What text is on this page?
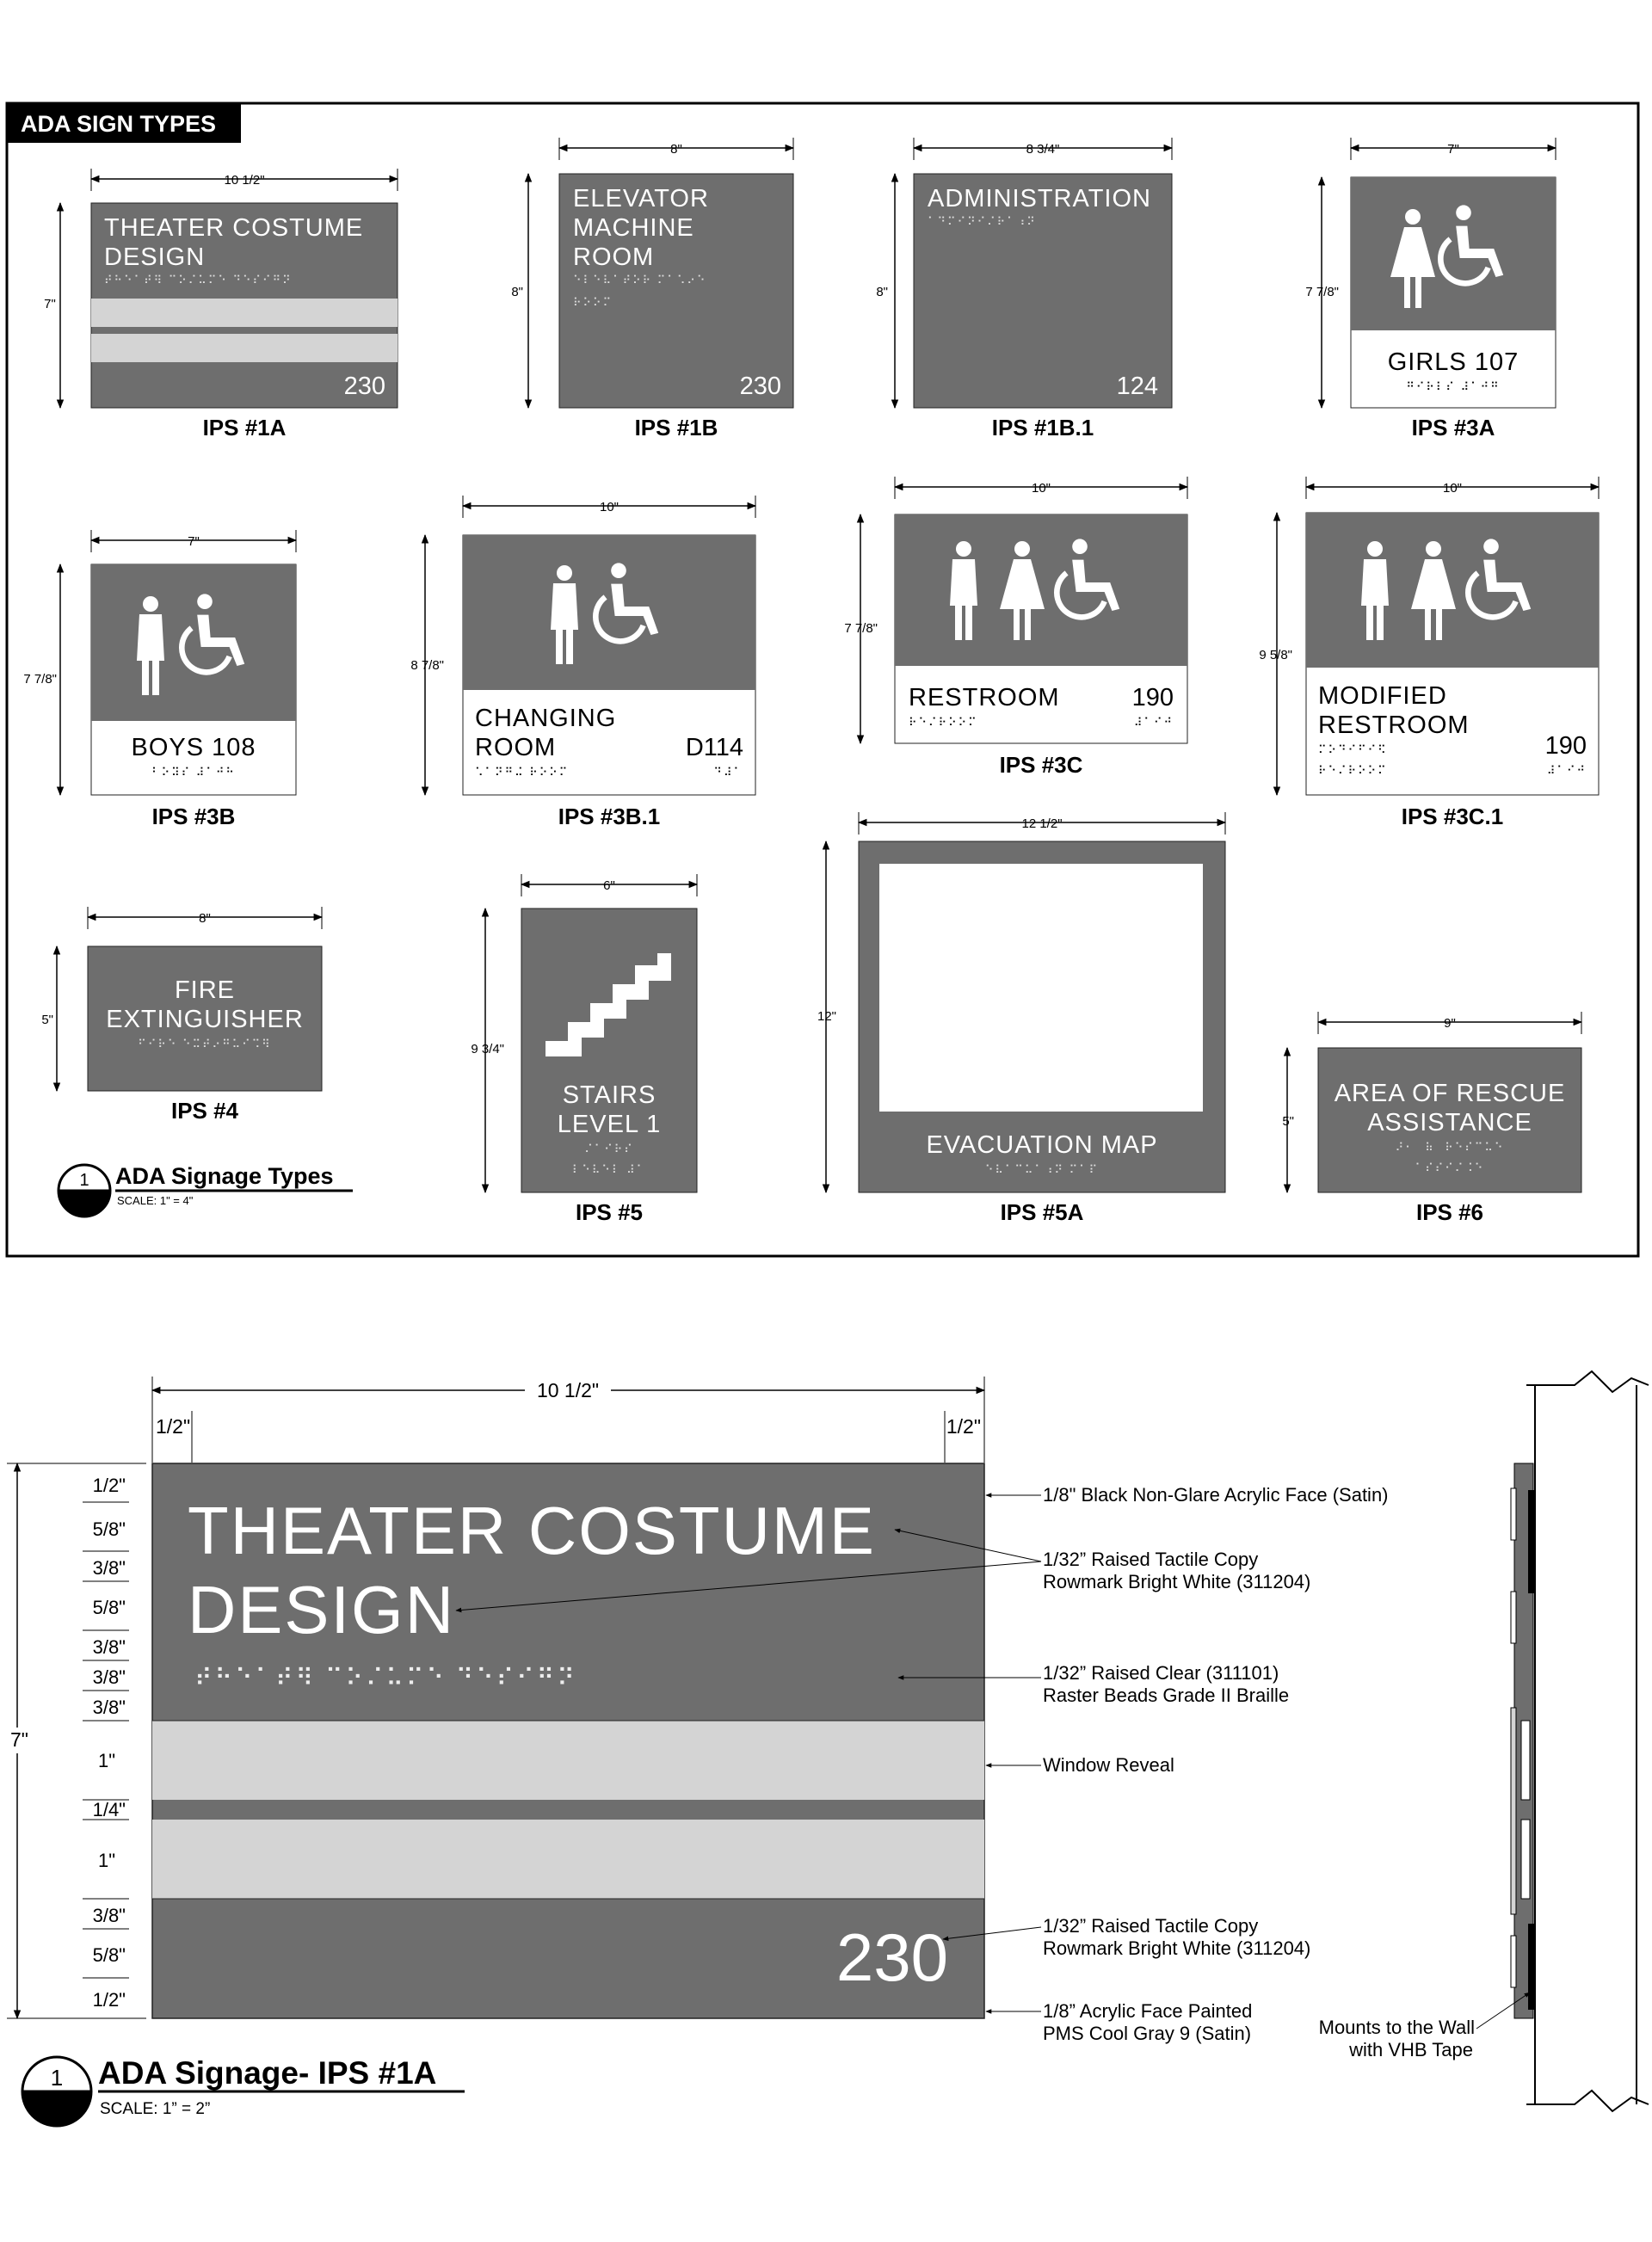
ADA SIGN TYPES
10 1/2"
7"
THEATER COSTUME
DESIGN
⠞⠓⠑⠁⠞⠻ ⠉⠕⠌⠥⠍⠑ ⠙⠑⠎⠊⠛⠝
230
IPS #1A
8"
8"
ELEVATOR
MACHINE
ROOM
⠑⠇⠑⠧⠁⠞⠕⠗ ⠍⠁⠡⠔⠑
⠗⠕⠕⠍
230
IPS #1B
8 3/4"
8"
ADMINISTRATION
⠁⠙⠍⠊⠝⠊⠌⠗⠁⠰⠝
124
IPS #1B.1
7"
7 7/8"
GIRLS 107
⠛⠊⠗⠇⠎ ⠼⠁⠚⠛
IPS #3A
7"
7 7/8"
BOYS 108
⠃⠕⠽⠎ ⠼⠁⠚⠓
IPS #3B
10"
8 7/8"
CHANGING
ROOM	D114
⠡⠁⠝⠛⠬ ⠗⠕⠕⠍	⠙⠼⠁
IPS #3B.1
10"
7 7/8"
RESTROOM	190
⠗⠑⠌⠗⠕⠕⠍	⠼⠁⠊⠚
IPS #3C
10"
9 5/8"
MODIFIED
RESTROOM
190
⠍⠕⠙⠊⠋⠊⠫
⠗⠑⠌⠗⠕⠕⠍	⠼⠁⠊⠚
IPS #3C.1
8"
5"
FIRE
EXTINGUISHER
⠋⠊⠗⠑ ⠑⠭⠞⠔⠛⠥⠊⠩⠻
IPS #4
6"
9 3/4"
STAIRS
LEVEL 1
⠌⠁⠊⠗⠎
⠇⠑⠧⠑⠇ ⠼⠁
IPS #5
12 1/2"
12"
EVACUATION MAP
⠑⠧⠁⠉⠥⠁⠰⠝ ⠍⠁⠏
IPS #5A
9"
5"
AREA OF RESCUE
ASSISTANCE
⠜⠂⠀⠷⠀⠗⠑⠎⠉⠥⠑
⠁⠎⠎⠊⠌⠨⠑
IPS #6
1 ADA Signage Types
SCALE: 1" = 4"
10 1/2"
1/2"	1/2"
7"
1/2"
5/8"
3/8"
5/8"
3/8"
3/8"
3/8"
1"
1/4"
1"
3/8"
5/8"
1/2"
THEATER COSTUME
DESIGN
⠞⠓⠑⠁⠞⠻ ⠉⠕⠌⠥⠍⠑ ⠙⠑⠎⠊⠛⠝
230
1/8" Black Non-Glare Acrylic Face (Satin)
1/32” Raised Tactile Copy
Rowmark Bright White (311204)
1/32” Raised Clear (311101)
Raster Beads Grade II Braille
Window Reveal
1/32” Raised Tactile Copy
Rowmark Bright White (311204)
1/8” Acrylic Face Painted
PMS Cool Gray 9 (Satin)	Mounts to the Wall
with VHB Tape
1 ADA Signage- IPS #1A
SCALE: 1” = 2”
